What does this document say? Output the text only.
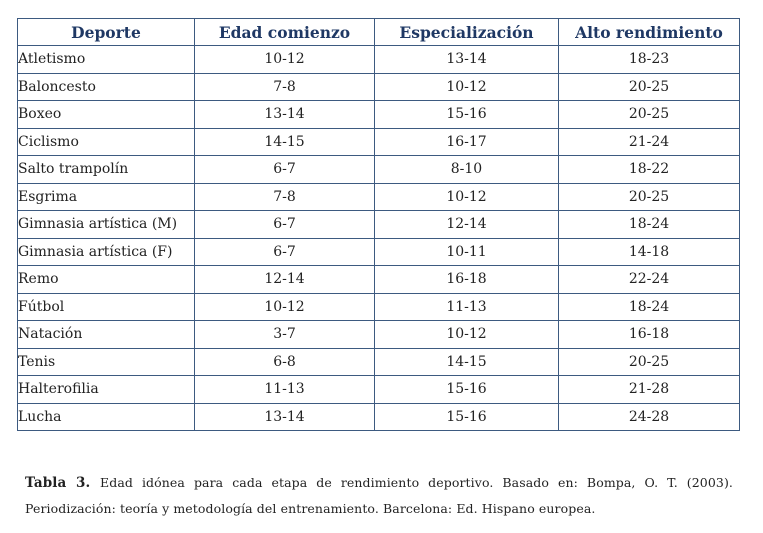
Deporte	Edad comienzo	Especialización	Alto rendimiento
Atletismo	10-12	13-14	18-23
Baloncesto	7-8	10-12	20-25
Boxeo	13-14	15-16	20-25
Ciclismo	14-15	16-17	21-24
Salto trampolín	6-7	8-10	18-22
Esgrima	7-8	10-12	20-25
Gimnasia artística (M)	6-7	12-14	18-24
Gimnasia artística (F)	6-7	10-11	14-18
Remo	12-14	16-18	22-24
Fútbol	10-12	11-13	18-24
Natación	3-7	10-12	16-18
Tenis	6-8	14-15	20-25
Halterofilia	11-13	15-16	21-28
Lucha	13-14	15-16	24-28

Tabla 3. Edad idónea para cada etapa de rendimiento deportivo. Basado en: Bompa, O. T. (2003). Periodización: teoría y metodología del entrenamiento. Barcelona: Ed. Hispano europea.
